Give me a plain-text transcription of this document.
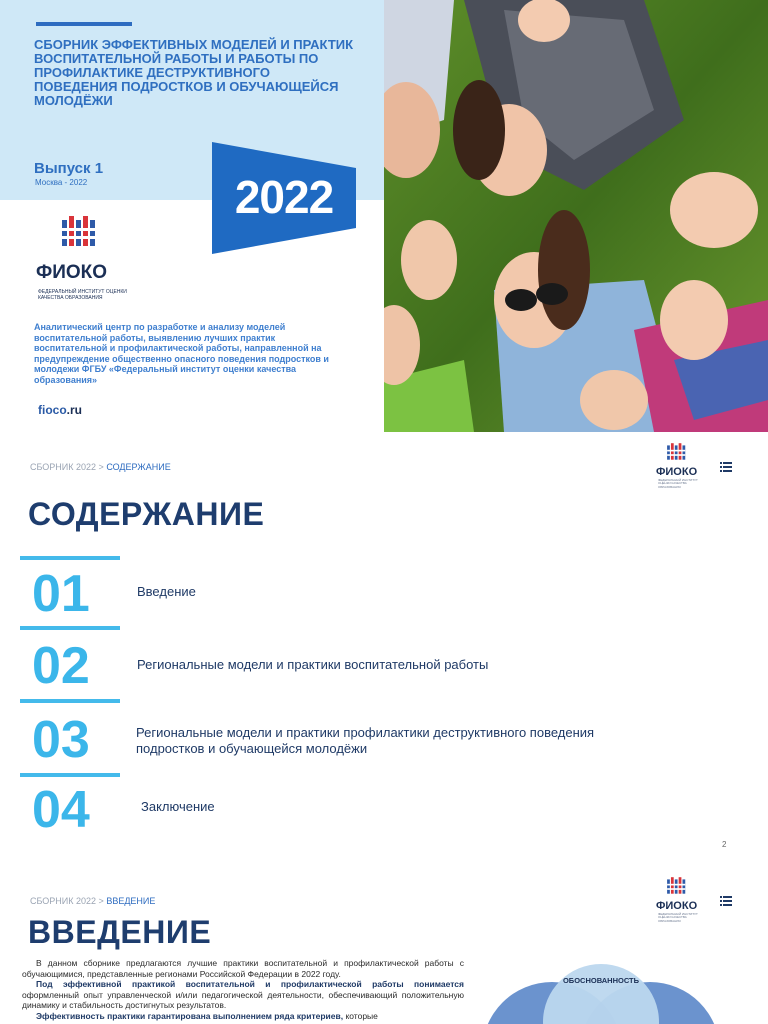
СБОРНИК ЭФФЕКТИВНЫХ МОДЕЛЕЙ И ПРАКТИК ВОСПИТАТЕЛЬНОЙ РАБОТЫ И РАБОТЫ ПО ПРОФИЛАКТИКЕ ДЕСТРУКТИВНОГО ПОВЕДЕНИЯ ПОДРОСТКОВ И ОБУЧАЮЩЕЙСЯ МОЛОДЁЖИ
Выпуск 1
Москва - 2022	2022
ФИОКО
ФЕДЕРАЛЬНЫЙ ИНСТИТУТ ОЦЕНКИ КАЧЕСТВА ОБРАЗОВАНИЯ
Аналитический центр по разработке и анализу моделей воспитательной работы, выявлению лучших практик воспитательной и профилактической работы, направленной на предупреждение общественно опасного поведения подростков и молодежи ФГБУ «Федеральный институт оценки качества образования»
fioco.ru
СБОРНИК 2022 > СОДЕРЖАНИЕ	ФИОКО
ФЕДЕРАЛЬНЫЙ ИНСТИТУТ ОЦЕНКИ КАЧЕСТВА ОБРАЗОВАНИЯ
СОДЕРЖАНИЕ
01	Введение
02	Региональные модели и практики воспитательной работы
03	Региональные модели и практики профилактики деструктивного поведения подростков и обучающейся молодёжи
04	Заключение
2
СБОРНИК 2022 > ВВЕДЕНИЕ	ФИОКО
ФЕДЕРАЛЬНЫЙ ИНСТИТУТ ОЦЕНКИ КАЧЕСТВА ОБРАЗОВАНИЯ
ВВЕДЕНИЕ

В данном сборнике предлагаются лучшие практики воспитательной и профилактической работы с обучающимися, представленные регионами Российской Федерации в 2022 году.

Под эффективной практикой воспитательной и профилактической работы понимается оформленный опыт управленческой и/или педагогической деятельности, обеспечивающий положительную динамику и стабильность достигнутых результатов.

Эффективность практики гарантирована выполнением ряда критериев, которые

ОБОСНОВАННОСТЬ
